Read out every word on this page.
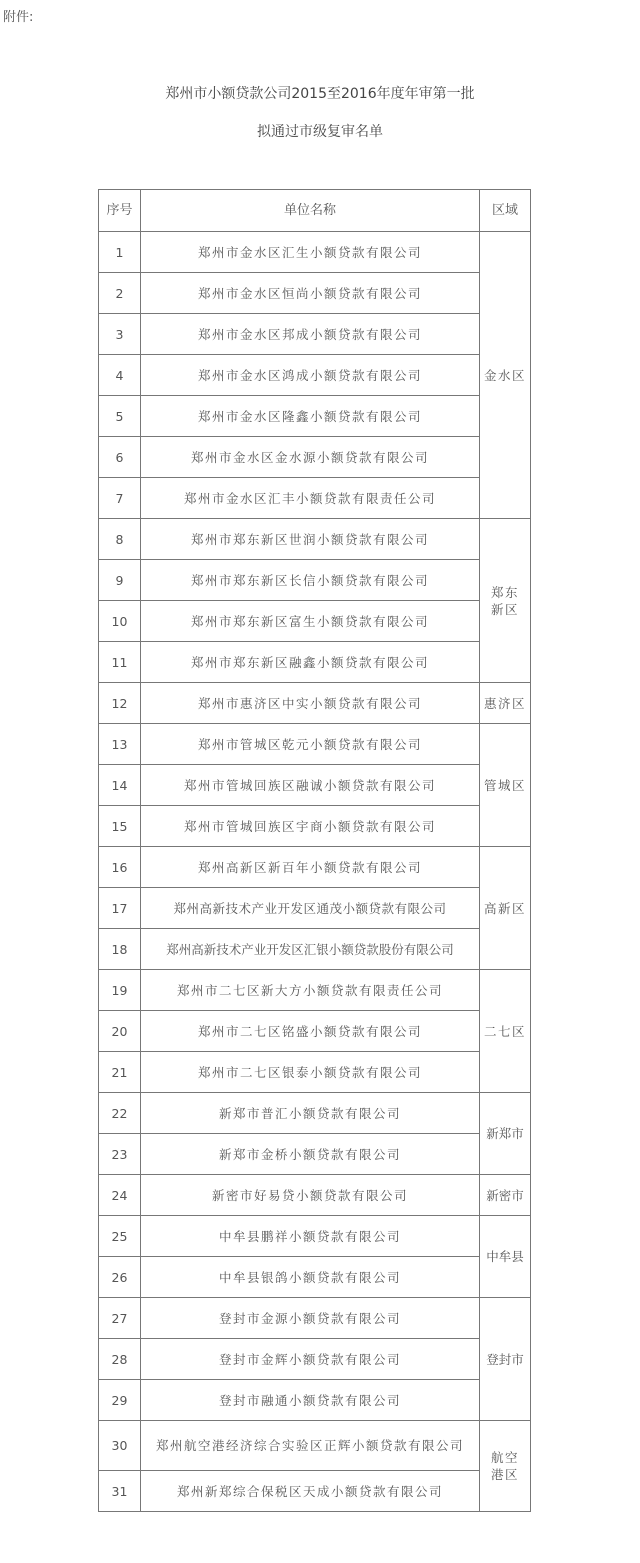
附件:
郑州市小额贷款公司2015至2016年度年审第一批
拟通过市级复审名单
序号	单位名称	区域
1	郑州市金水区汇生小额贷款有限公司	金水区
2	郑州市金水区恒尚小额贷款有限公司	
3	郑州市金水区邦成小额贷款有限公司	
4	郑州市金水区鸿成小额贷款有限公司	
5	郑州市金水区隆鑫小额贷款有限公司	
6	郑州市金水区金水源小额贷款有限公司	
7	郑州市金水区汇丰小额贷款有限责任公司	
8	郑州市郑东新区世润小额贷款有限公司	郑东新区
9	郑州市郑东新区长信小额贷款有限公司	
10	郑州市郑东新区富生小额贷款有限公司	
11	郑州市郑东新区融鑫小额贷款有限公司	
12	郑州市惠济区中实小额贷款有限公司	惠济区
13	郑州市管城区乾元小额贷款有限公司	管城区
14	郑州市管城回族区融诚小额贷款有限公司	
15	郑州市管城回族区宇商小额贷款有限公司	
16	郑州高新区新百年小额贷款有限公司	高新区
17	郑州高新技术产业开发区通茂小额贷款有限公司	
18	郑州高新技术产业开发区汇银小额贷款股份有限公司	
19	郑州市二七区新大方小额贷款有限责任公司	二七区
20	郑州市二七区铭盛小额贷款有限公司	
21	郑州市二七区银泰小额贷款有限公司	
22	新郑市普汇小额贷款有限公司	新郑市
23	新郑市金桥小额贷款有限公司	
24	新密市好易贷小额贷款有限公司	新密市
25	中牟县鹏祥小额贷款有限公司	中牟县
26	中牟县银鸽小额贷款有限公司	
27	登封市金源小额贷款有限公司	登封市
28	登封市金辉小额贷款有限公司	
29	登封市融通小额贷款有限公司	
30	郑州航空港经济综合实验区正辉小额贷款有限公司	航空港区
31	郑州新郑综合保税区天成小额贷款有限公司	
